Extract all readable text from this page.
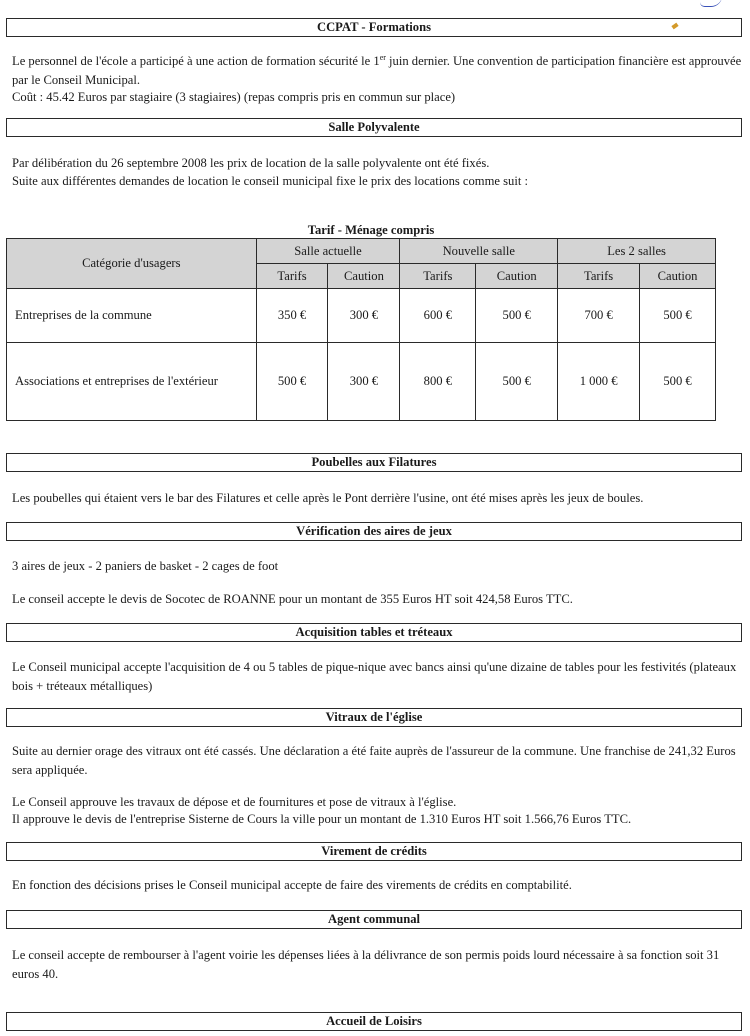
CCPAT - Formations

Le personnel de l'école a participé à une action de formation sécurité le 1er juin dernier. Une convention de participation financière est approuvée par le Conseil Municipal.

Coût : 45.42 Euros par stagiaire (3 stagiaires) (repas compris pris en commun sur place)

Salle Polyvalente

Par délibération du 26 septembre 2008 les prix de location de la salle polyvalente ont été fixés.

Suite aux différentes demandes de location le conseil municipal fixe le prix des locations comme suit :

Tarif - Ménage compris
Catégorie d'usagers	Salle actuelle		Nouvelle salle		Les 2 salles	
	Tarifs	Caution	Tarifs	Caution	Tarifs	Caution
Entreprises de la commune	350 €	300 €	600 €	500 €	700 €	500 €
Associations et entreprises de l'extérieur	500 €	300 €	800 €	500 €	1 000 €	500 €
Poubelles aux Filatures

Les poubelles qui étaient vers le bar des Filatures et celle après le Pont derrière l'usine, ont été mises après les jeux de boules.

Vérification des aires de jeux

3 aires de jeux - 2 paniers de basket - 2 cages de foot

Le conseil accepte le devis de Socotec de ROANNE pour un montant de 355 Euros HT soit 424,58 Euros TTC.

Acquisition tables et tréteaux

Le Conseil municipal accepte l'acquisition de 4 ou 5 tables de pique-nique avec bancs ainsi qu'une dizaine de tables pour les festivités (plateaux bois + tréteaux métalliques)

Vitraux de l'église

Suite au dernier orage des vitraux ont été cassés. Une déclaration a été faite auprès de l'assureur de la commune. Une franchise de 241,32 Euros sera appliquée.

Le Conseil approuve les travaux de dépose et de fournitures et pose de vitraux à l'église.

Il approuve le devis de l'entreprise Sisterne de Cours la ville pour un montant de 1.310 Euros HT soit 1.566,76 Euros TTC.

Virement de crédits

En fonction des décisions prises le Conseil municipal accepte de faire des virements de crédits en comptabilité.

Agent communal

Le conseil accepte de rembourser à l'agent voirie les dépenses liées à la délivrance de son permis poids lourd nécessaire à sa fonction soit 31 euros 40.

Accueil de Loisirs
